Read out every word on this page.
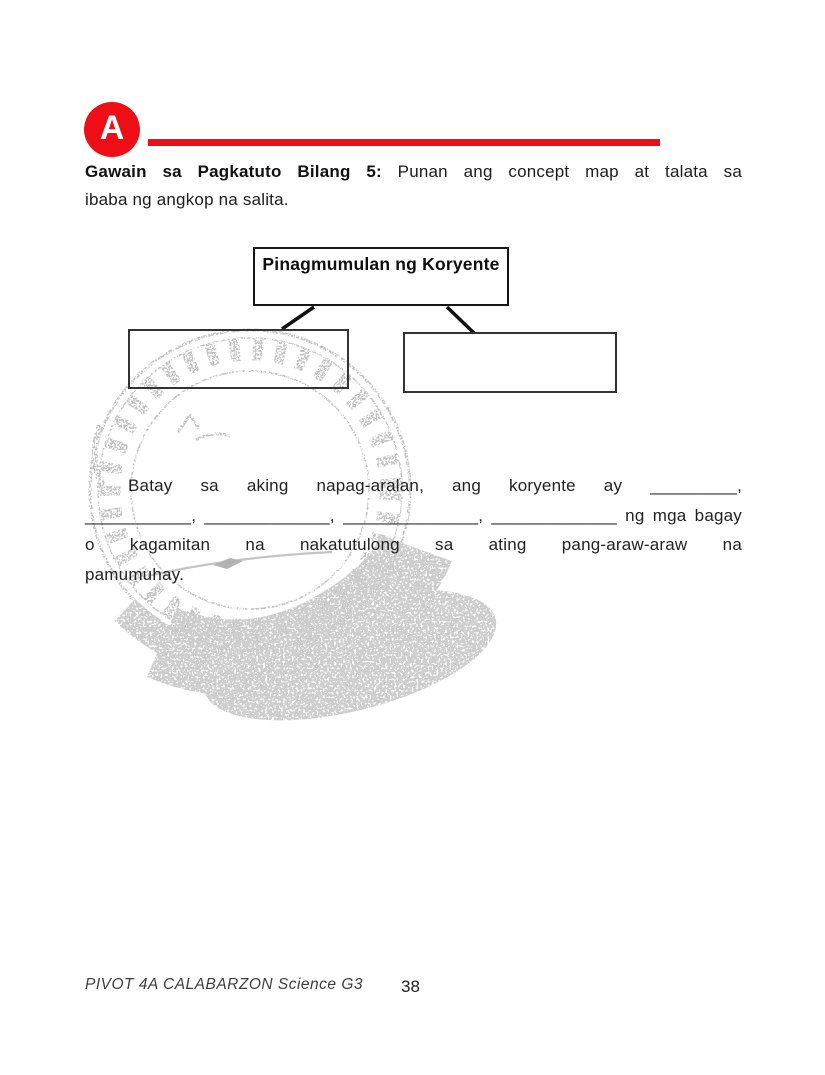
A
Gawain sa Pagkatuto Bilang 5: Punan ang concept map at talata sa
ibaba ng angkop na salita.
Pinagmumulan ng Koryente
Batay sa aking napag-aralan, ang koryente ay _________,
___________, _____________, ______________, _____________ ng mga bagay
o kagamitan na nakatutulong sa ating pang-araw-araw na
pamumuhay.
PIVOT 4A CALABARZON Science G3 38
